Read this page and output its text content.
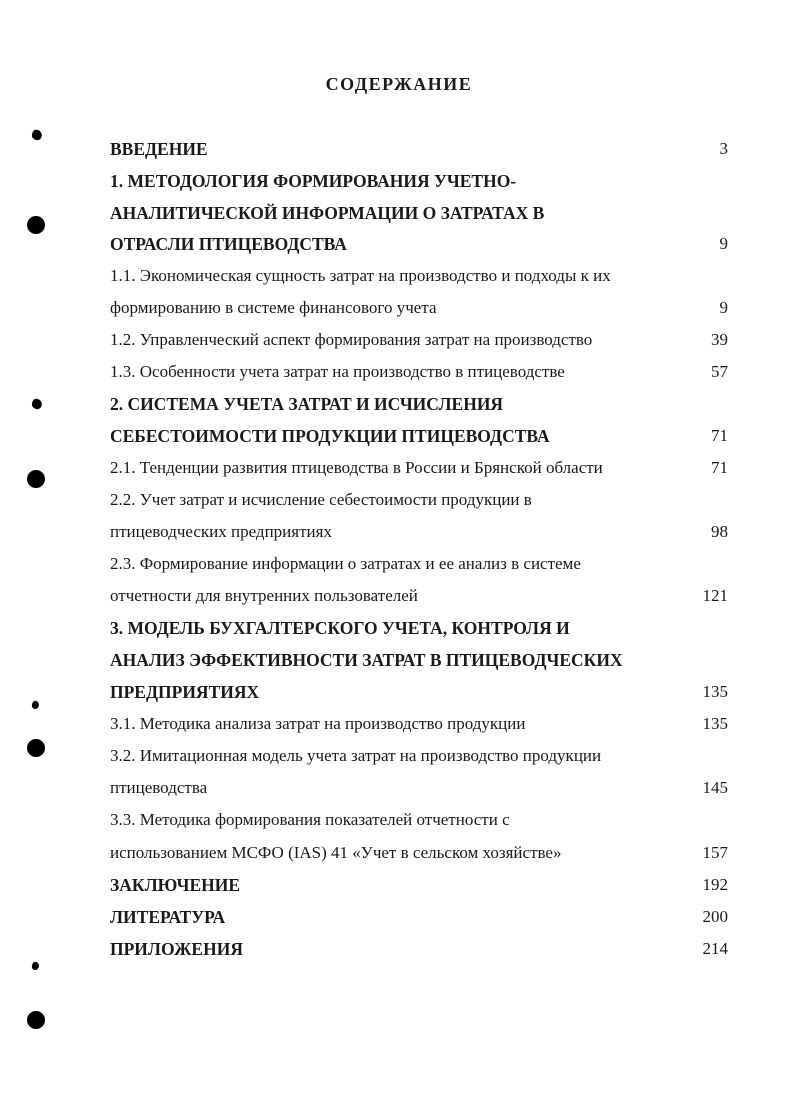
СОДЕРЖАНИЕ
ВВЕДЕНИЕ	3
1. МЕТОДОЛОГИЯ ФОРМИРОВАНИЯ УЧЕТНО-
АНАЛИТИЧЕСКОЙ ИНФОРМАЦИИ О ЗАТРАТАХ В
ОТРАСЛИ ПТИЦЕВОДСТВА	9
1.1. Экономическая сущность затрат на производство и подходы к их
формированию в системе финансового учета	9
1.2. Управленческий аспект формирования затрат на производство	39
1.3. Особенности учета затрат на производство в птицеводстве	57
2. СИСТЕМА УЧЕТА ЗАТРАТ И ИСЧИСЛЕНИЯ
СЕБЕСТОИМОСТИ ПРОДУКЦИИ ПТИЦЕВОДСТВА	71
2.1. Тенденции развития птицеводства в России и Брянской области	71
2.2. Учет затрат и исчисление себестоимости продукции в
птицеводческих предприятиях	98
2.3. Формирование информации о затратах и ее анализ в системе
отчетности для внутренних пользователей	121
3. МОДЕЛЬ БУХГАЛТЕРСКОГО УЧЕТА, КОНТРОЛЯ И
АНАЛИЗ ЭФФЕКТИВНОСТИ ЗАТРАТ В ПТИЦЕВОДЧЕСКИХ
ПРЕДПРИЯТИЯХ	135
3.1. Методика анализа затрат на производство продукции	135
3.2. Имитационная модель учета затрат на производство продукции
птицеводства	145
3.3. Методика формирования показателей отчетности с
использованием МСФО (IAS) 41 «Учет в сельском хозяйстве»	157
ЗАКЛЮЧЕНИЕ	192
ЛИТЕРАТУРА	200
ПРИЛОЖЕНИЯ	214
